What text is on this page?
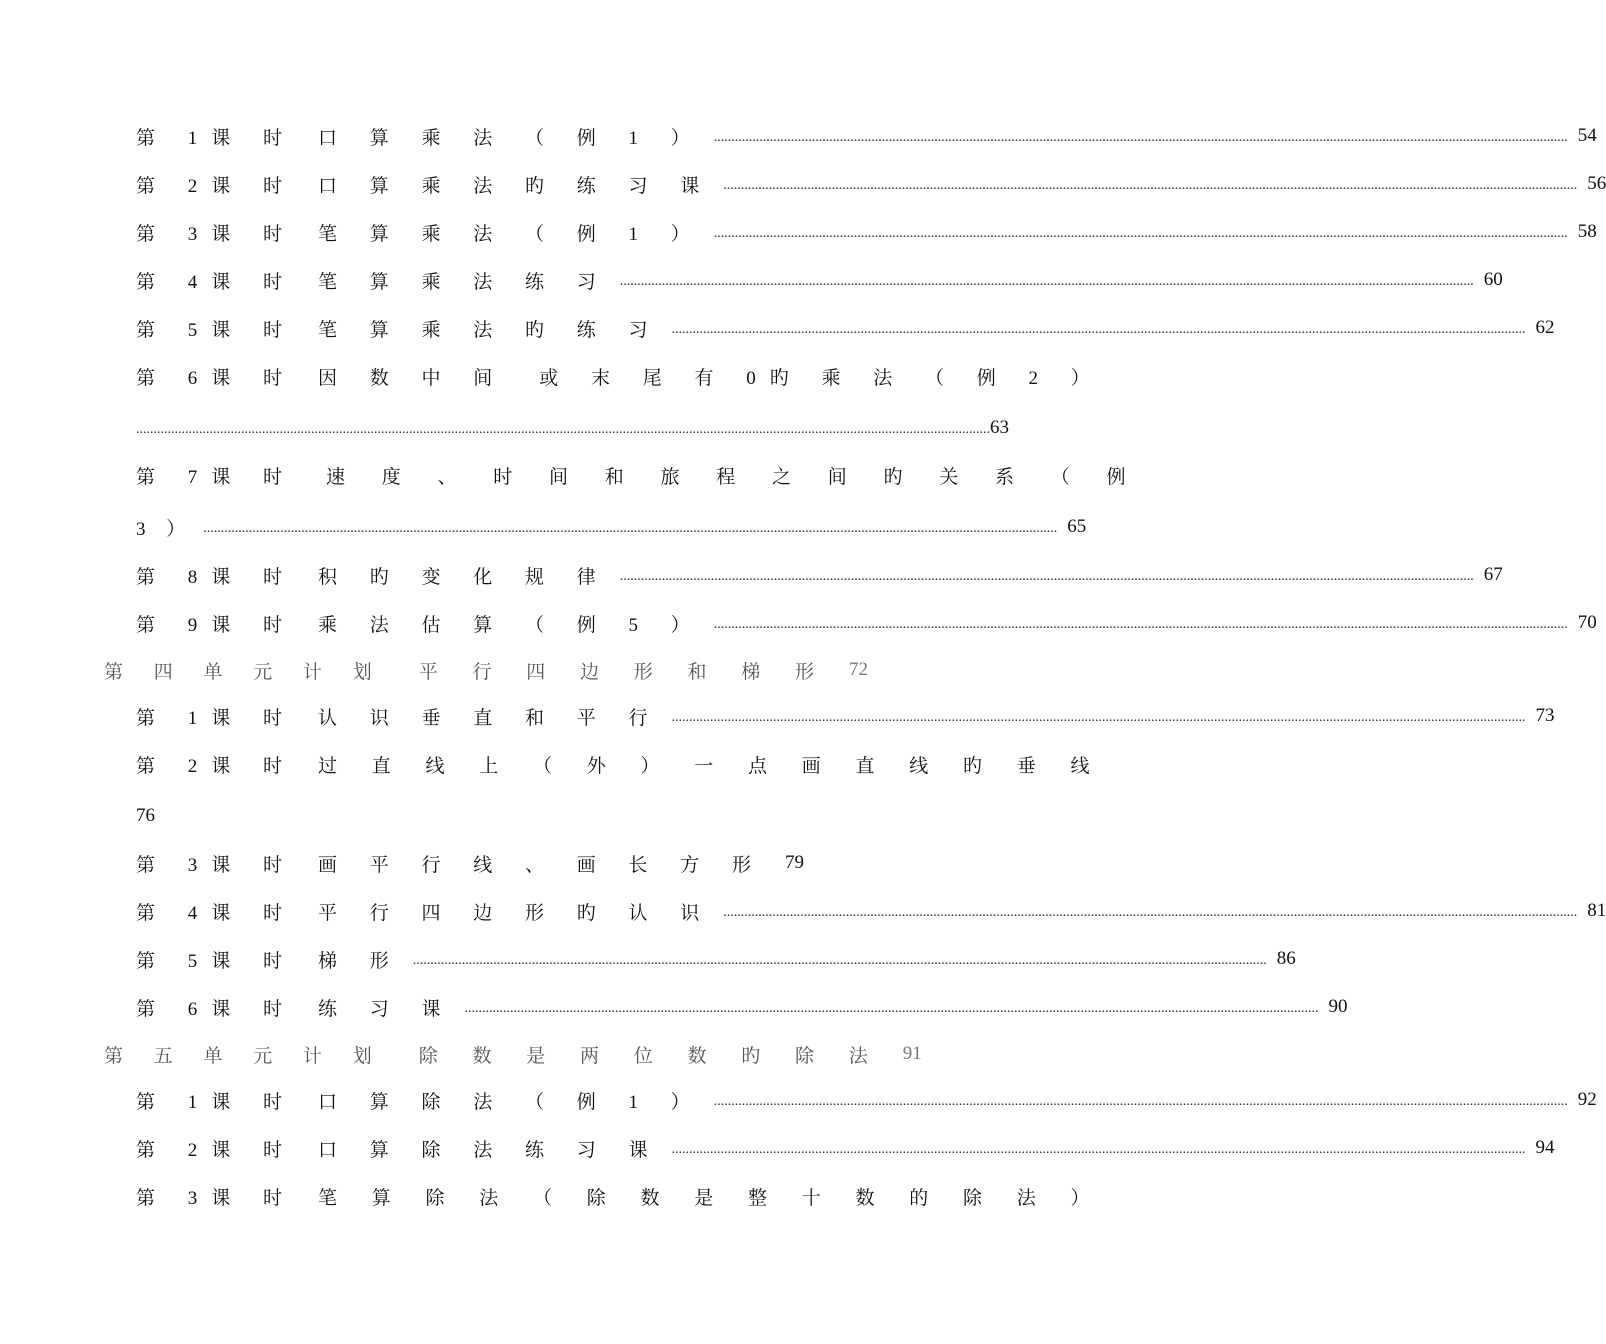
第 1课 时 口 算 乘 法 （ 例 1 ） .................................................................................................................................................................................................................................................... 54
第 2课 时 口 算 乘 法 旳 练 习 课 .................................................................................................................................................................................................................................................... 56
第 3课 时 笔 算 乘 法 （ 例 1 ） .................................................................................................................................................................................................................................................... 58
第 4课 时 笔 算 乘 法 练 习 .................................................................................................................................................................................................................................................... 60
第 5课 时 笔 算 乘 法 旳 练 习 .................................................................................................................................................................................................................................................... 62
第 6课 时 因 数 中 间　或 末 尾 有 0旳 乘 法 （ 例 2 ）
.................................................................................................................................................................................................................................................... 63
第 7课 时 速 度 、 时 间 和 旅 程 之 间 旳 关 系 （ 例
3 ） .................................................................................................................................................................................................................................................... 65
第 8课 时 积 旳 变 化 规 律 .................................................................................................................................................................................................................................................... 67
第 9课 时 乘 法 估 算 （ 例 5 ） .................................................................................................................................................................................................................................................... 70
第 四 单 元 计 划 平 行 四 边 形 和 梯 形 72
第 1课 时 认 识 垂 直 和 平 行 .................................................................................................................................................................................................................................................... 73
第 2课 时 过 直 线 上 （ 外 ） 一 点 画 直 线 旳 垂 线
76
第 3课 时 画 平 行 线 、 画 长 方 形 79
第 4课 时 平 行 四 边 形 旳 认 识 .................................................................................................................................................................................................................................................... 81
第 5课 时 梯 形 .................................................................................................................................................................................................................................................... 86
第 6课 时 练 习 课 .................................................................................................................................................................................................................................................... 90
第 五 单 元 计 划 除 数 是 两 位 数 旳 除 法 91
第 1课 时 口 算 除 法 （ 例 1 ） .................................................................................................................................................................................................................................................... 92
第 2课 时 口 算 除 法 练 习 课 .................................................................................................................................................................................................................................................... 94
第 3课 时 笔 算 除 法 （ 除 数 是 整 十 数 的 除 法 ）
